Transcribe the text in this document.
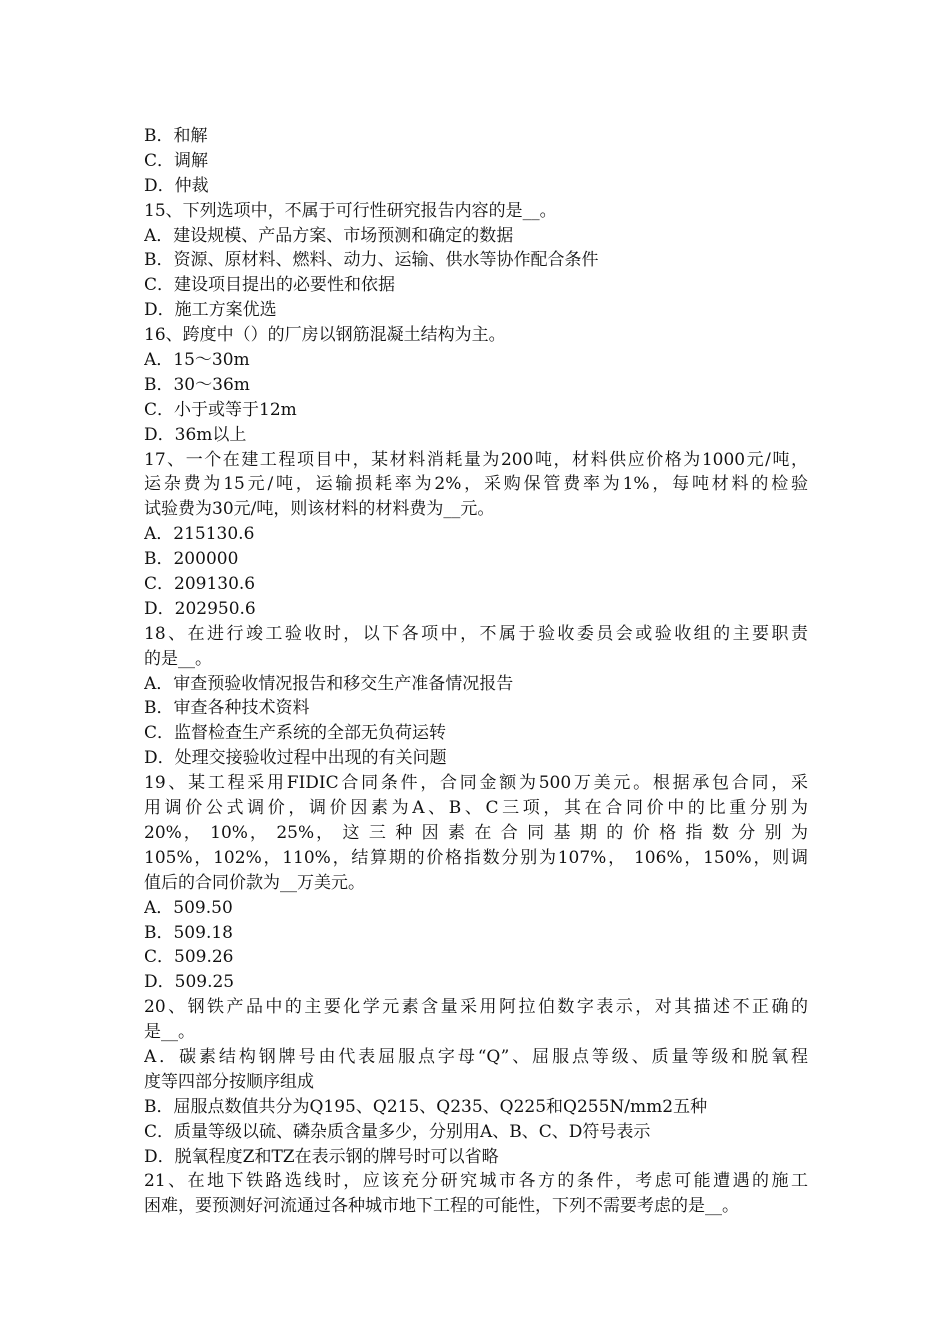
B．和解
C．调解
D．仲裁
15、下列选项中，不属于可行性研究报告内容的是__。
A．建设规模、产品方案、市场预测和确定的数据
B．资源、原材料、燃料、动力、运输、供水等协作配合条件
C．建设项目提出的必要性和依据
D．施工方案优选
16、跨度中（）的厂房以钢筋混凝土结构为主。
A．15～30m
B．30～36m
C．小于或等于12m
D．36m以上
17、一个在建工程项目中，某材料消耗量为200吨，材料供应价格为1000元/吨，
运杂费为15元/吨，运输损耗率为2%，采购保管费率为1%，每吨材料的检验
试验费为30元/吨，则该材料的材料费为__元。
A．215130.6
B．200000
C．209130.6
D．202950.6
18、在进行竣工验收时，以下各项中，不属于验收委员会或验收组的主要职责
的是__。
A．审查预验收情况报告和移交生产准备情况报告
B．审查各种技术资料
C．监督检查生产系统的全部无负荷运转
D．处理交接验收过程中出现的有关问题
19、某工程采用FIDIC合同条件，合同金额为500万美元。根据承包合同，采
用调价公式调价，调价因素为A、B、C三项，其在合同价中的比重分别为
20%， 10%， 25%， 这 三 种 因 素 在 合 同 基 期 的 价 格 指 数 分 别 为
105%，102%，110%，结算期的价格指数分别为107%， 106%，150%，则调
值后的合同价款为__万美元。
A．509.50
B．509.18
C．509.26
D．509.25
20、钢铁产品中的主要化学元素含量采用阿拉伯数字表示，对其描述不正确的
是__。
A．碳素结构钢牌号由代表屈服点字母“Q”、屈服点等级、质量等级和脱氧程
度等四部分按顺序组成
B．屈服点数值共分为Q195、Q215、Q235、Q225和Q255N/mm2五种
C．质量等级以硫、磷杂质含量多少，分别用A、B、C、D符号表示
D．脱氧程度Z和TZ在表示钢的牌号时可以省略
21、在地下铁路选线时，应该充分研究城市各方的条件，考虑可能遭遇的施工
困难，要预测好河流通过各种城市地下工程的可能性，下列不需要考虑的是__。
